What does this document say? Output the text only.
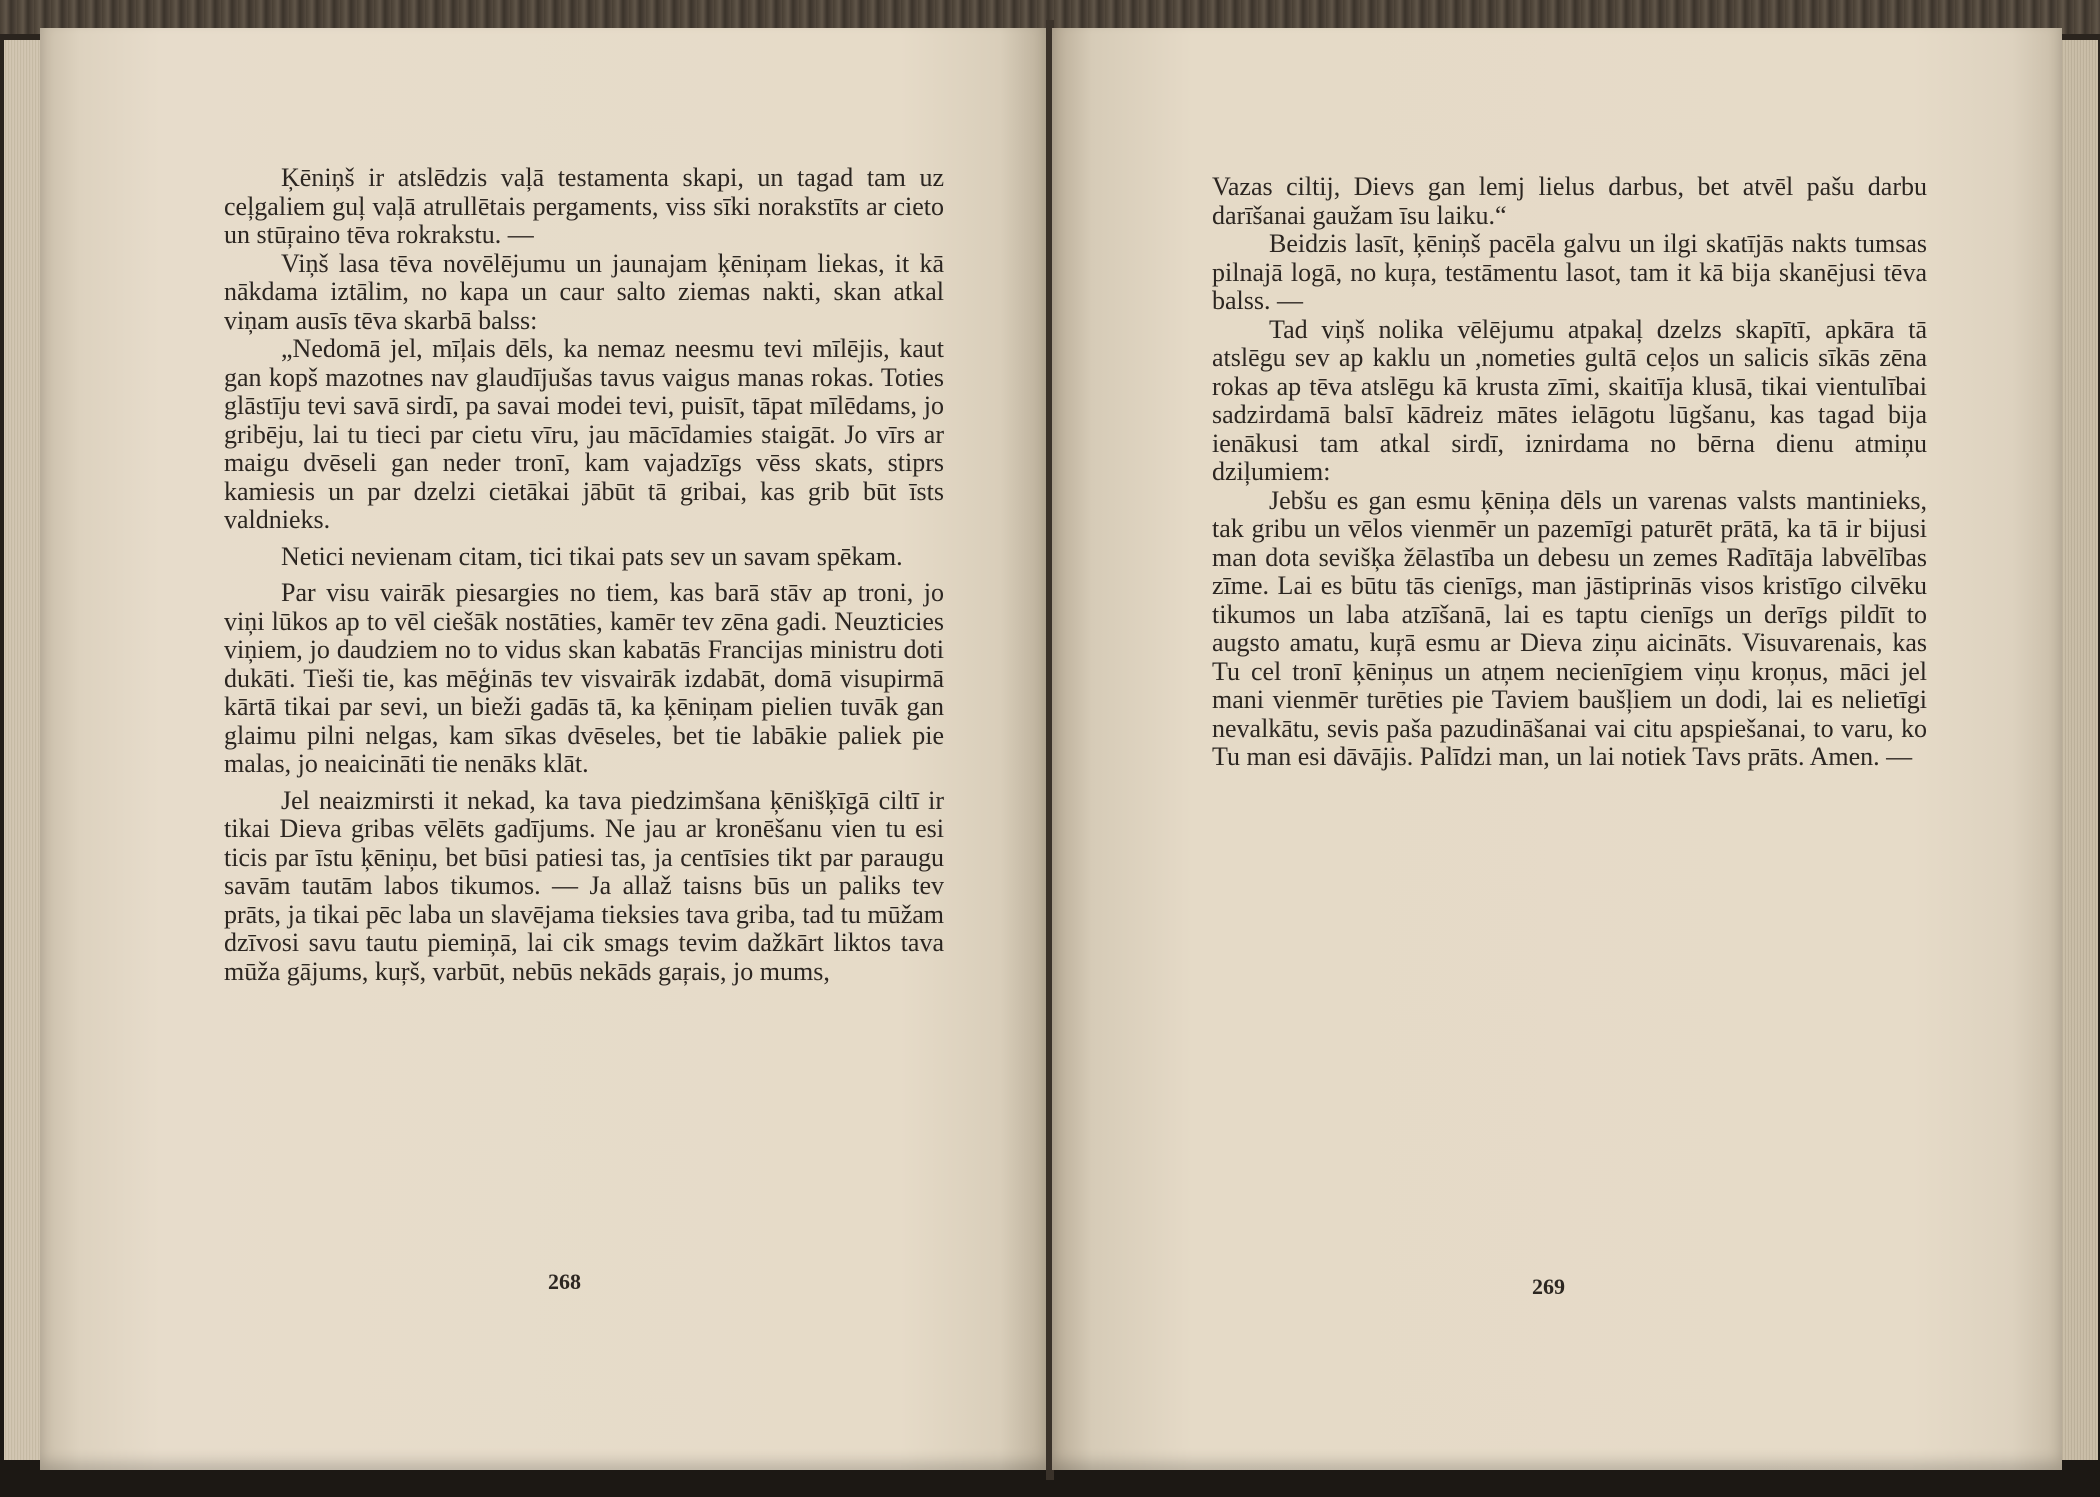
Ķēniņš ir atslēdzis vaļā testamenta skapi, un tagad tam uz ceļgaliem guļ vaļā atrullētais pergaments, viss sīki norakstīts ar cieto un stūŗaino tēva rokrakstu. —

Viņš lasa tēva novēlējumu un jaunajam ķēniņam liekas, it kā nākdama iztālim, no kapa un caur salto ziemas nakti, skan atkal viņam ausīs tēva skarbā balss:

„Nedomā jel, mīļais dēls, ka nemaz neesmu tevi mīlējis, kaut gan kopš mazotnes nav glaudījušas tavus vaigus manas rokas. Toties glāstīju tevi savā sirdī, pa savai modei tevi, puisīt, tāpat mīlēdams, jo gribēju, lai tu tieci par cietu vīru, jau mācīdamies staigāt. Jo vīrs ar maigu dvēseli gan neder tronī, kam vajadzīgs vēss skats, stiprs kamiesis un par dzelzi cietākai jābūt tā gribai, kas grib būt īsts valdnieks.

Netici nevienam citam, tici tikai pats sev un savam spēkam.

Par visu vairāk piesargies no tiem, kas barā stāv ap troni, jo viņi lūkos ap to vēl ciešāk nostāties, kamēr tev zēna gadi. Neuzticies viņiem, jo daudziem no to vidus skan kabatās Francijas ministru doti dukāti. Tieši tie, kas mēģinās tev visvairāk izdabāt, domā visupirmā kārtā tikai par sevi, un bieži gadās tā, ka ķēniņam pielien tuvāk gan glaimu pilni nelgas, kam sīkas dvēseles, bet tie labākie paliek pie malas, jo neaicināti tie nenāks klāt.

Jel neaizmirsti it nekad, ka tava piedzimšana ķēnišķīgā ciltī ir tikai Dieva gribas vēlēts gadījums. Ne jau ar kronēšanu vien tu esi ticis par īstu ķēniņu, bet būsi patiesi tas, ja centīsies tikt par paraugu savām tautām labos tikumos. — Ja allaž taisns būs un paliks tev prāts, ja tikai pēc laba un slavējama tieksies tava griba, tad tu mūžam dzīvosi savu tautu piemiņā, lai cik smags tevim dažkārt liktos tavа mūža gājums, kuŗš, varbūt, nebūs nekāds gaŗais, jo mums,

268

Vazas ciltij, Dievs gan lemj lielus darbus, bet atvēl pašu darbu darīšanai gaužam īsu laiku.“

Beidzis lasīt, ķēniņš pacēla galvu un ilgi skatījās nakts tumsas pilnajā logā, no kuŗa, testāmentu lasot, tam it kā bija skanējusi tēva balss. —

Tad viņš nolika vēlējumu atpakaļ dzelzs skapītī, apkāra tā atslēgu sev ap kaklu un ,nometies gultā ceļos un salicis sīkās zēna rokas ap tēva atslēgu kā krusta zīmi, skaitīja klusā, tikai vientulībai sadzirdamā balsī kādreiz mātes ielāgotu lūgšanu, kas tagad bija ienākusi tam atkal sirdī, iznirdama no bērna dienu atmiņu dziļumiem:

Jebšu es gan esmu ķēniņa dēls un varenas valsts mantinieks, tak gribu un vēlos vienmēr un pazemīgi paturēt prātā, ka tā ir bijusi man dota sevišķa žēlastība un debesu un zemes Radītāja labvēlības zīme. Lai es būtu tās cienīgs, man jāstiprinās visos kristīgo cilvēku tikumos un laba atzīšanā, lai es taptu cienīgs un derīgs pildīt to augsto amatu, kuŗā esmu ar Dieva ziņu aicināts. Visuvarenais, kas Tu cel tronī ķēniņus un atņem necienīgiem viņu kroņus, māci jel mani vienmēr turēties pie Taviem baušļiem un dodi, lai es nelietīgi nevalkātu, sevis paša pazudināšanai vai citu apspiešanai, to varu, ko Tu man esi dāvājis. Palīdzi man, un lai notiek Tavs prāts. Amen. —

269
